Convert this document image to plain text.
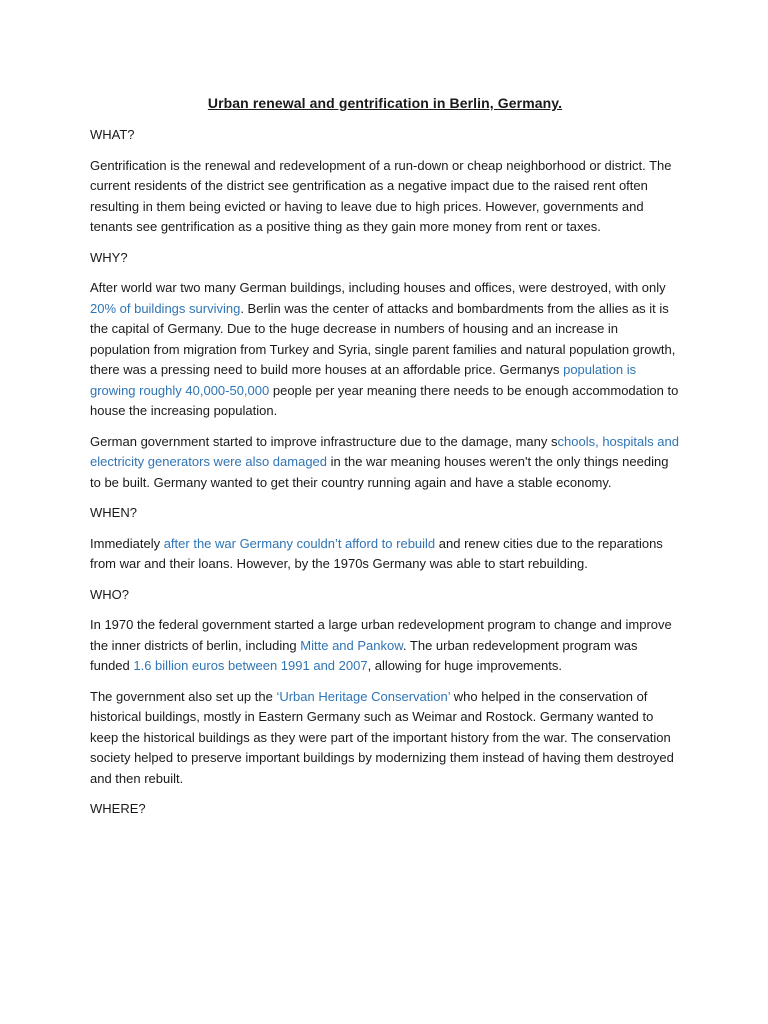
Urban renewal and gentrification in Berlin, Germany.
WHAT?

Gentrification is the renewal and redevelopment of a run-down or cheap neighborhood or district. The current residents of the district see gentrification as a negative impact due to the raised rent often resulting in them being evicted or having to leave due to high prices. However, governments and tenants see gentrification as a positive thing as they gain more money from rent or taxes.

WHY?

After world war two many German buildings, including houses and offices, were destroyed, with only 20% of buildings surviving. Berlin was the center of attacks and bombardments from the allies as it is the capital of Germany. Due to the huge decrease in numbers of housing and an increase in population from migration from Turkey and Syria, single parent families and natural population growth, there was a pressing need to build more houses at an affordable price. Germanys population is growing roughly 40,000-50,000 people per year meaning there needs to be enough accommodation to house the increasing population.

German government started to improve infrastructure due to the damage, many schools, hospitals and electricity generators were also damaged in the war meaning houses weren't the only things needing to be built. Germany wanted to get their country running again and have a stable economy.

WHEN?

Immediately after the war Germany couldn’t afford to rebuild and renew cities due to the reparations from war and their loans. However, by the 1970s Germany was able to start rebuilding.

WHO?

In 1970 the federal government started a large urban redevelopment program to change and improve the inner districts of berlin, including Mitte and Pankow. The urban redevelopment program was funded 1.6 billion euros between 1991 and 2007, allowing for huge improvements.

The government also set up the ‘Urban Heritage Conservation’ who helped in the conservation of historical buildings, mostly in Eastern Germany such as Weimar and Rostock. Germany wanted to keep the historical buildings as they were part of the important history from the war. The conservation society helped to preserve important buildings by modernizing them instead of having them destroyed and then rebuilt.

WHERE?
